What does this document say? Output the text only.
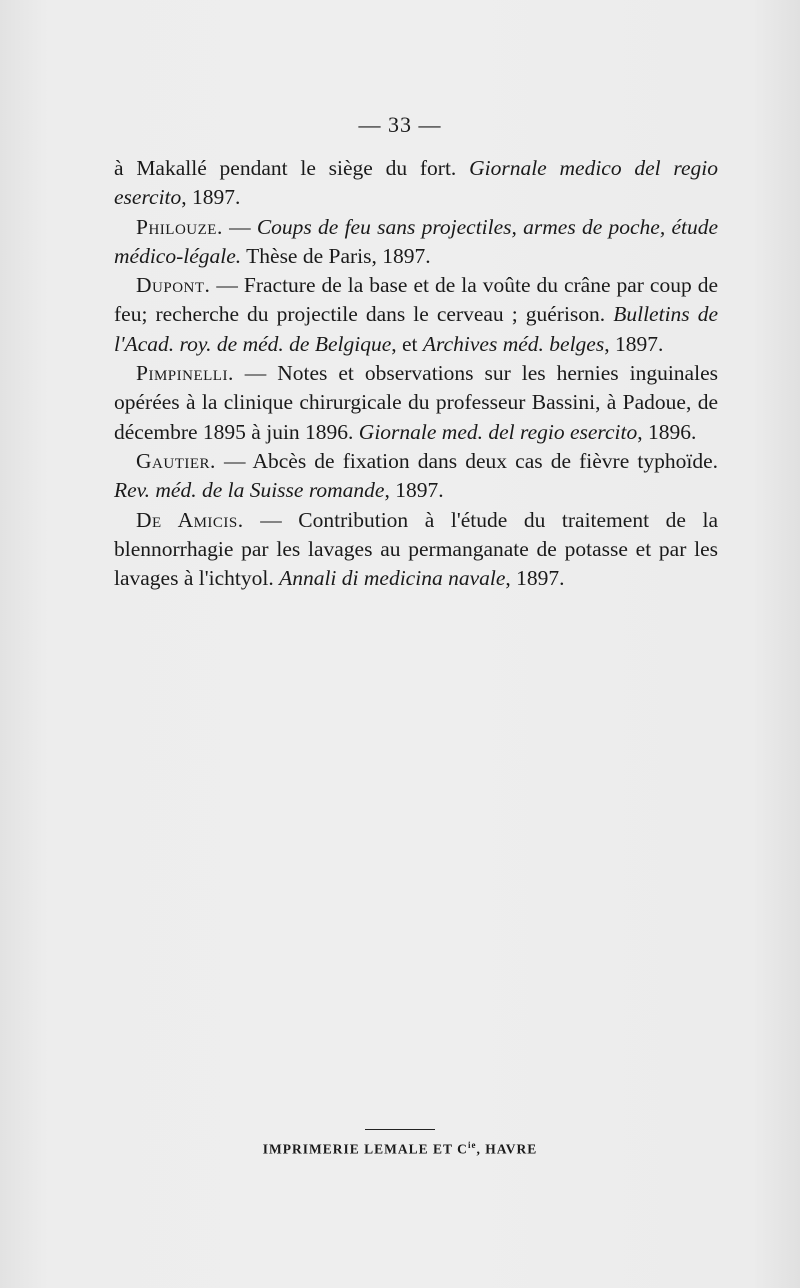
— 33 —

à Makallé pendant le siège du fort. Giornale medico del regio esercito, 1897.

Philouze. — Coups de feu sans projectiles, armes de poche, étude médico-légale. Thèse de Paris, 1897.

Dupont. — Fracture de la base et de la voûte du crâne par coup de feu; recherche du projectile dans le cerveau ; guérison. Bulletins de l'Acad. roy. de méd. de Belgique, et Archives méd. belges, 1897.

Pimpinelli. — Notes et observations sur les hernies inguinales opérées à la clinique chirurgicale du professeur Bassini, à Padoue, de décembre 1895 à juin 1896. Giornale med. del regio esercito, 1896.

Gautier. — Abcès de fixation dans deux cas de fièvre typhoïde. Rev. méd. de la Suisse romande, 1897.

De Amicis. — Contribution à l'étude du traitement de la blennorrhagie par les lavages au permanganate de potasse et par les lavages à l'ichtyol. Annali di medicina navale, 1897.

IMPRIMERIE LEMALE ET $C^{ie}$, HAVRE
